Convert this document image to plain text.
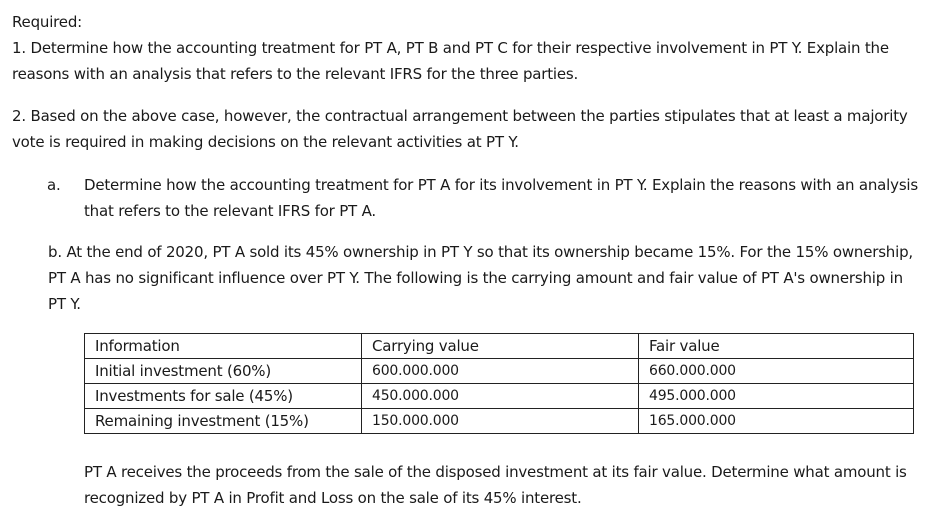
Required:

1. Determine how the accounting treatment for PT A, PT B and PT C for their respective involvement in PT Y. Explain the reasons with an analysis that refers to the relevant IFRS for the three parties.

2. Based on the above case, however, the contractual arrangement between the parties stipulates that at least a majority vote is required in making decisions on the relevant activities at PT Y.

a. Determine how the accounting treatment for PT A for its involvement in PT Y. Explain the reasons with an analysis that refers to the relevant IFRS for PT A.

b. At the end of 2020, PT A sold its 45% ownership in PT Y so that its ownership became 15%. For the 15% ownership, PT A has no significant influence over PT Y. The following is the carrying amount and fair value of PT A's ownership in PT Y.

Information	Carrying value	Fair value
Initial investment (60%)	600.000.000	660.000.000
Investments for sale (45%)	450.000.000	495.000.000
Remaining investment (15%)	150.000.000	165.000.000

PT A receives the proceeds from the sale of the disposed investment at its fair value. Determine what amount is recognized by PT A in Profit and Loss on the sale of its 45% interest.
